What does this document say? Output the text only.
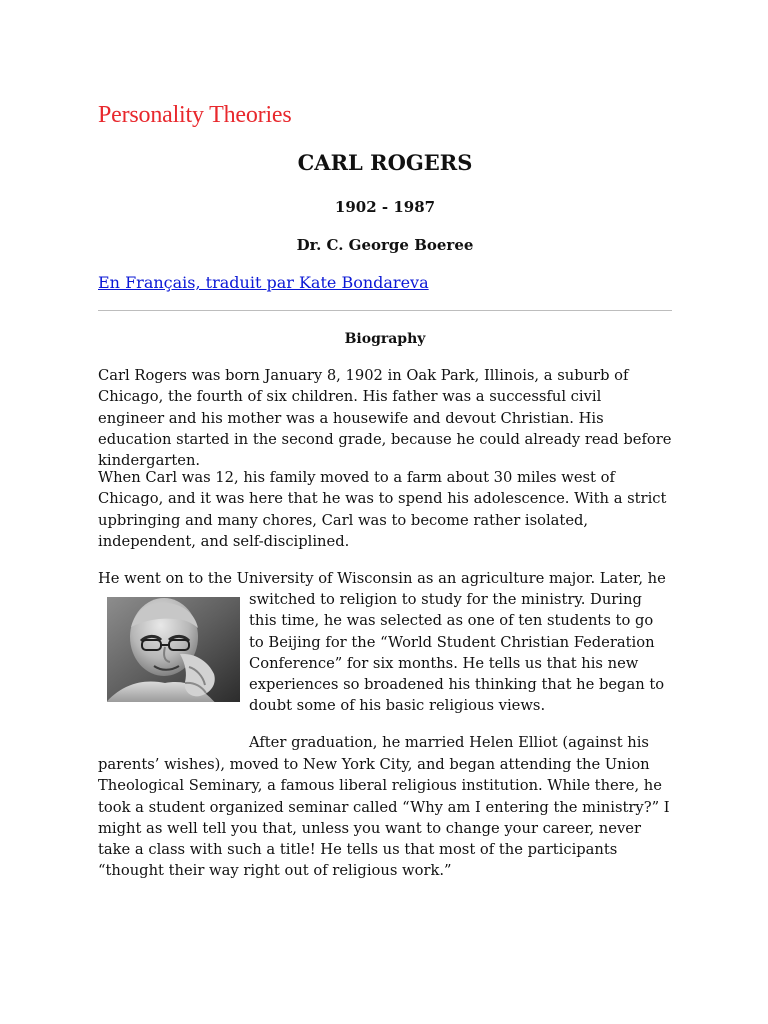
Personality Theories
CARL ROGERS
1902 - 1987
Dr. C. George Boeree
En Français, traduit par Kate Bondareva
Biography

Carl Rogers was born January 8, 1902 in Oak Park, Illinois, a suburb of Chicago, the fourth of six children. His father was a successful civil engineer and his mother was a housewife and devout Christian. His education started in the second grade, because he could already read before kindergarten.

When Carl was 12, his family moved to a farm about 30 miles west of Chicago, and it was here that he was to spend his adolescence. With a strict upbringing and many chores, Carl was to become rather isolated, independent, and self-disciplined.

He went on to the University of Wisconsin as an agriculture major. Later, he

switched to religion to study for the ministry. During this time, he was selected as one of ten students to go to Beijing for the “World Student Christian Federation Conference” for six months. He tells us that his new experiences so broadened his thinking that he began to doubt some of his basic religious views.

After graduation, he married Helen Elliot (against his

parents’ wishes), moved to New York City, and began attending the Union Theological Seminary, a famous liberal religious institution. While there, he took a student organized seminar called “Why am I entering the ministry?” I might as well tell you that, unless you want to change your career, never take a class with such a title! He tells us that most of the participants “thought their way right out of religious work.”
